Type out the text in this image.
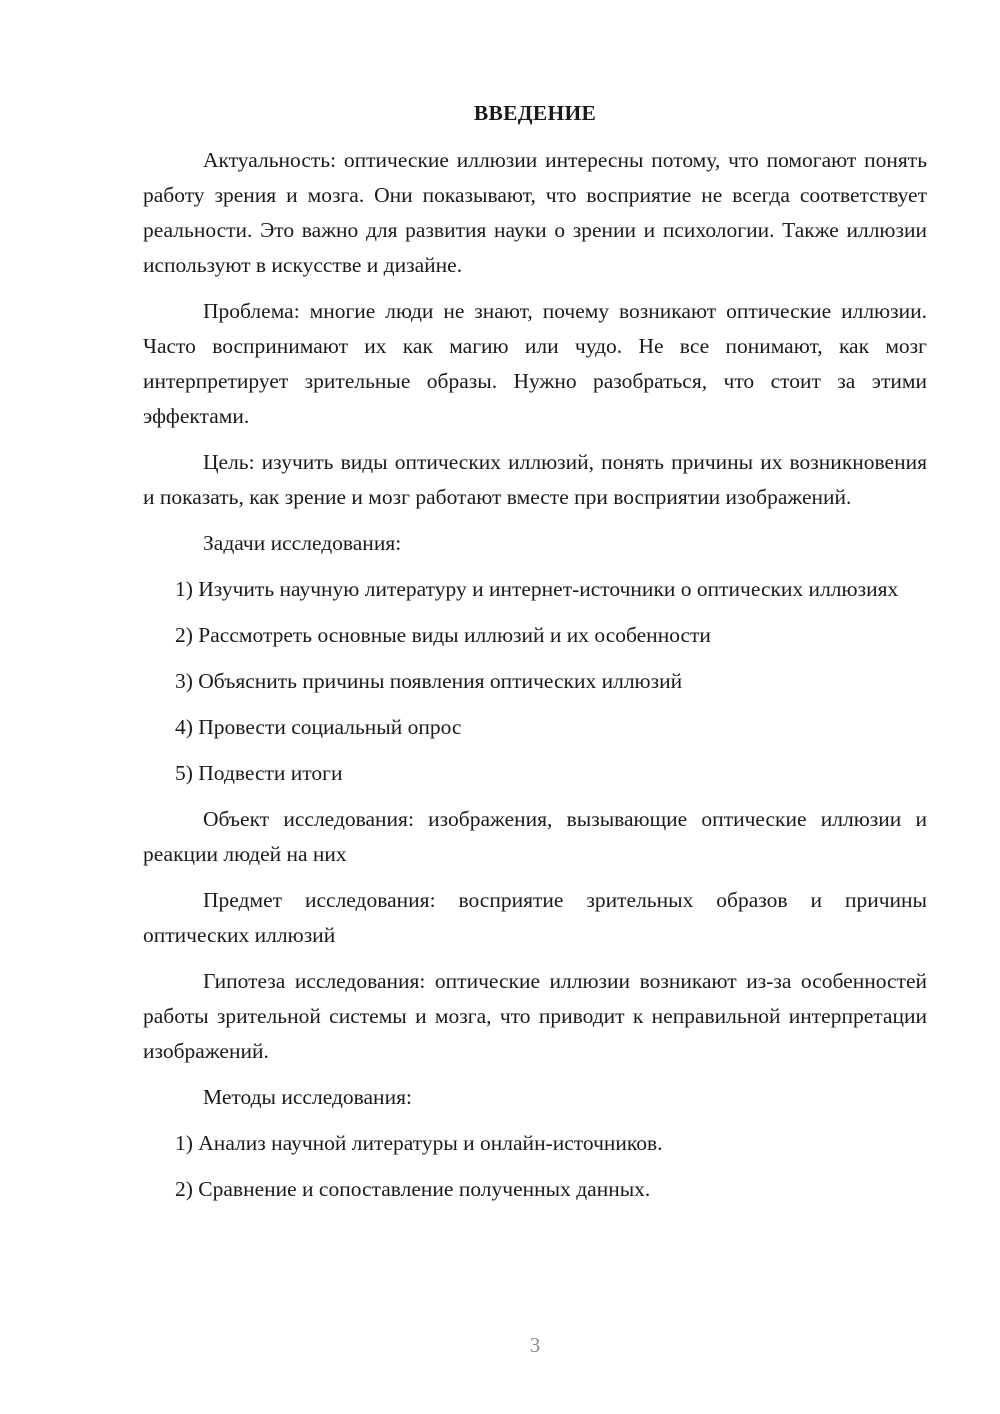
ВВЕДЕНИЕ
Актуальность: оптические иллюзии интересны потому, что помогают понять работу зрения и мозга. Они показывают, что восприятие не всегда соответствует реальности. Это важно для развития науки о зрении и психологии. Также иллюзии используют в искусстве и дизайне.
Проблема: многие люди не знают, почему возникают оптические иллюзии. Часто воспринимают их как магию или чудо. Не все понимают, как мозг интерпретирует зрительные образы. Нужно разобраться, что стоит за этими эффектами.
Цель: изучить виды оптических иллюзий, понять причины их возникновения и показать, как зрение и мозг работают вместе при восприятии изображений.
Задачи исследования:
1) Изучить научную литературу и интернет-источники о оптических иллюзиях
2) Рассмотреть основные виды иллюзий и их особенности
3) Объяснить причины появления оптических иллюзий
4) Провести социальный опрос
5) Подвести итоги
Объект исследования: изображения, вызывающие оптические иллюзии и реакции людей на них
Предмет исследования: восприятие зрительных образов и причины оптических иллюзий
Гипотеза исследования: оптические иллюзии возникают из-за особенностей работы зрительной системы и мозга, что приводит к неправильной интерпретации изображений.
Методы исследования:
1) Анализ научной литературы и онлайн-источников.
2) Сравнение и сопоставление полученных данных.
3
